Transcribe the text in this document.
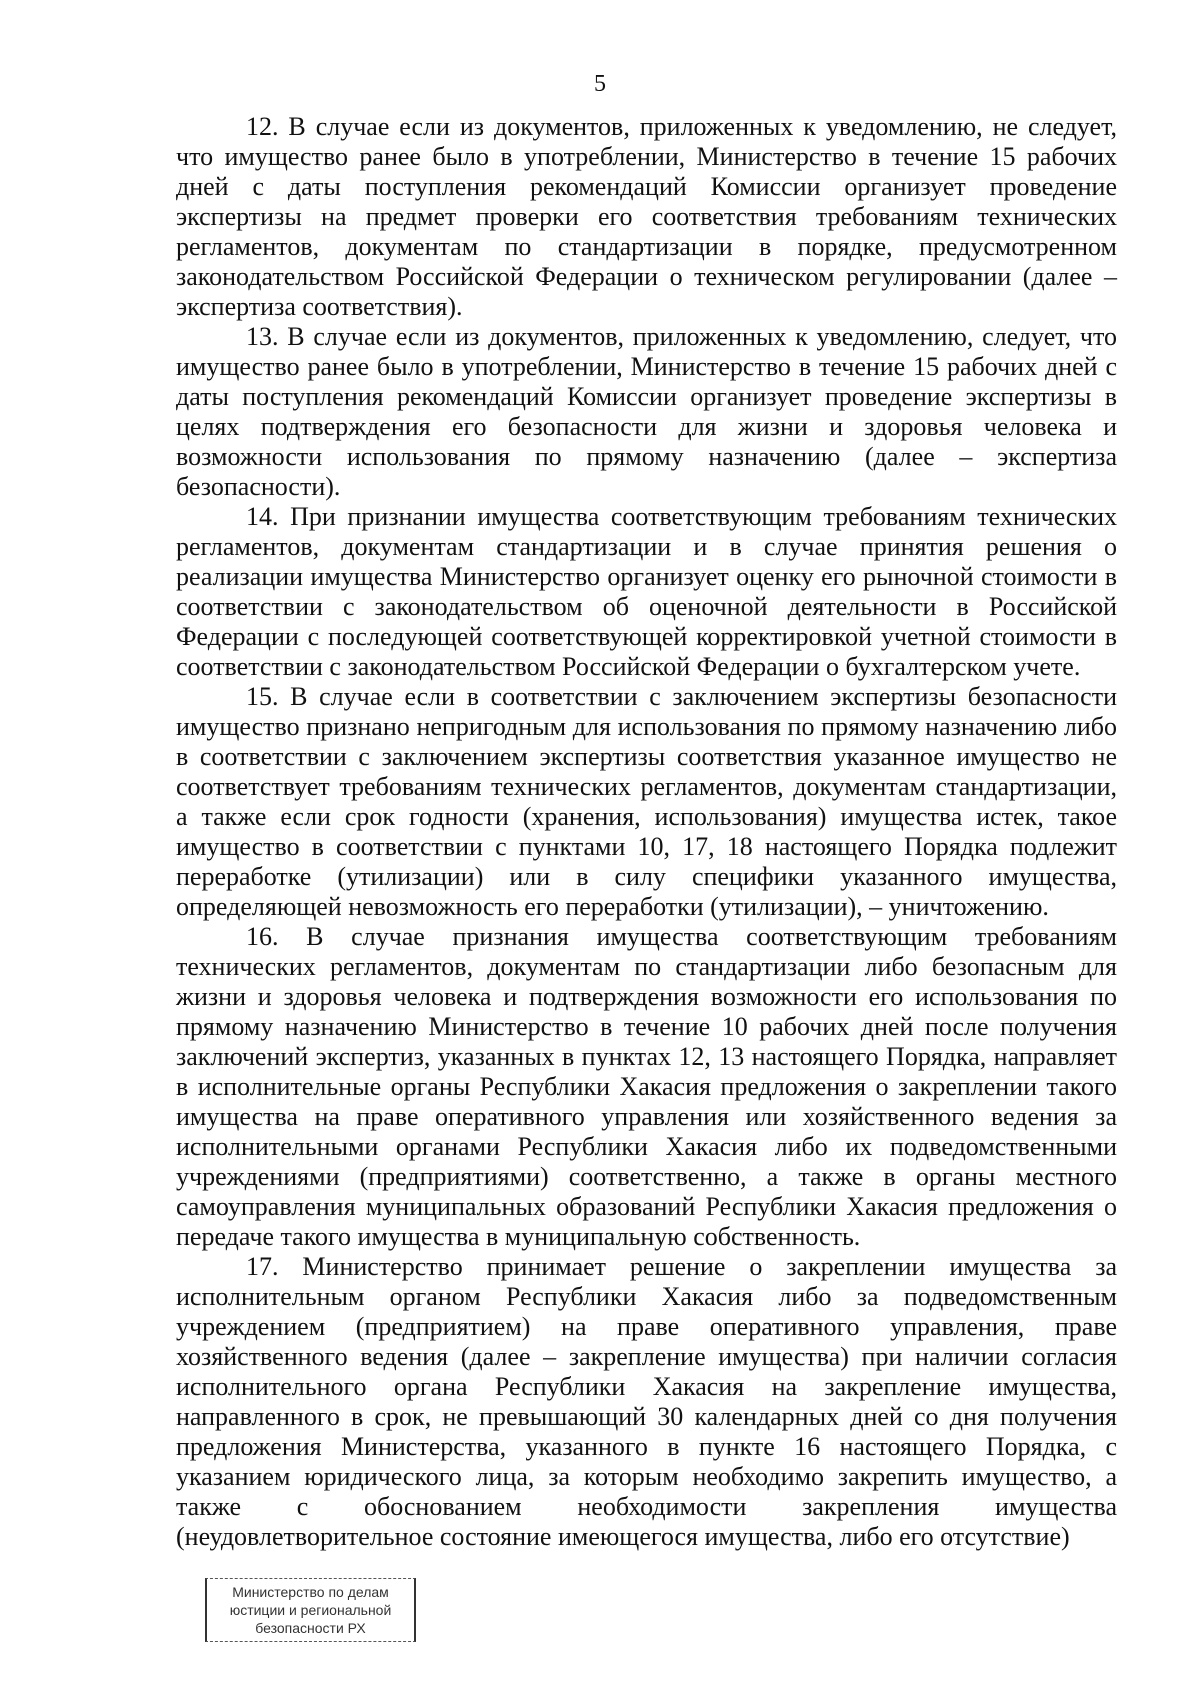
5

12. В случае если из документов, приложенных к уведомлению, не следует, что имущество ранее было в употреблении, Министерство в течение 15 рабочих дней с даты поступления рекомендаций Комиссии организует проведение экспертизы на предмет проверки его соответствия требованиям технических регламентов, документам по стандартизации в порядке, предусмотренном законодательством Российской Федерации о техническом регулировании (далее – экспертиза соответствия).

13. В случае если из документов, приложенных к уведомлению, следует, что имущество ранее было в употреблении, Министерство в течение 15 рабочих дней с даты поступления рекомендаций Комиссии организует проведение экспертизы в целях подтверждения его безопасности для жизни и здоровья человека и возможности использования по прямому назначению (далее – экспертиза безопасности).

14. При признании имущества соответствующим требованиям технических регламентов, документам стандартизации и в случае принятия решения о реализации имущества Министерство организует оценку его рыночной стоимости в соответствии с законодательством об оценочной деятельности в Российской Федерации с последующей соответствующей корректировкой учетной стоимости в соответствии с законодательством Российской Федерации о бухгалтерском учете.

15. В случае если в соответствии с заключением экспертизы безопасности имущество признано непригодным для использования по прямому назначению либо в соответствии с заключением экспертизы соответствия указанное имущество не соответствует требованиям технических регламентов, документам стандартизации, а также если срок годности (хранения, использования) имущества истек, такое имущество в соответствии с пунктами 10, 17, 18 настоящего Порядка подлежит переработке (утилизации) или в силу специфики указанного имущества, определяющей невозможность его переработки (утилизации), – уничтожению.

16. В случае признания имущества соответствующим требованиям технических регламентов, документам по стандартизации либо безопасным для жизни и здоровья человека и подтверждения возможности его использования по прямому назначению Министерство в течение 10 рабочих дней после получения заключений экспертиз, указанных в пунктах 12, 13 настоящего Порядка, направляет в исполнительные органы Республики Хакасия предложения о закреплении такого имущества на праве оперативного управления или хозяйственного ведения за исполнительными органами Республики Хакасия либо их подведомственными учреждениями (предприятиями) соответственно, а также в органы местного самоуправления муниципальных образований Республики Хакасия предложения о передаче такого имущества в муниципальную собственность.

17. Министерство принимает решение о закреплении имущества за исполнительным органом Республики Хакасия либо за подведомственным учреждением (предприятием) на праве оперативного управления, праве хозяйственного ведения (далее – закрепление имущества) при наличии согласия исполнительного органа Республики Хакасия на закрепление имущества, направленного в срок, не превышающий 30 календарных дней со дня получения предложения Министерства, указанного в пункте 16 настоящего Порядка, с указанием юридического лица, за которым необходимо закрепить имущество, а также с обоснованием необходимости закрепления имущества (неудовлетворительное состояние имеющегося имущества, либо его отсутствие)

Министерство по делам
юстиции и региональной
безопасности РХ
